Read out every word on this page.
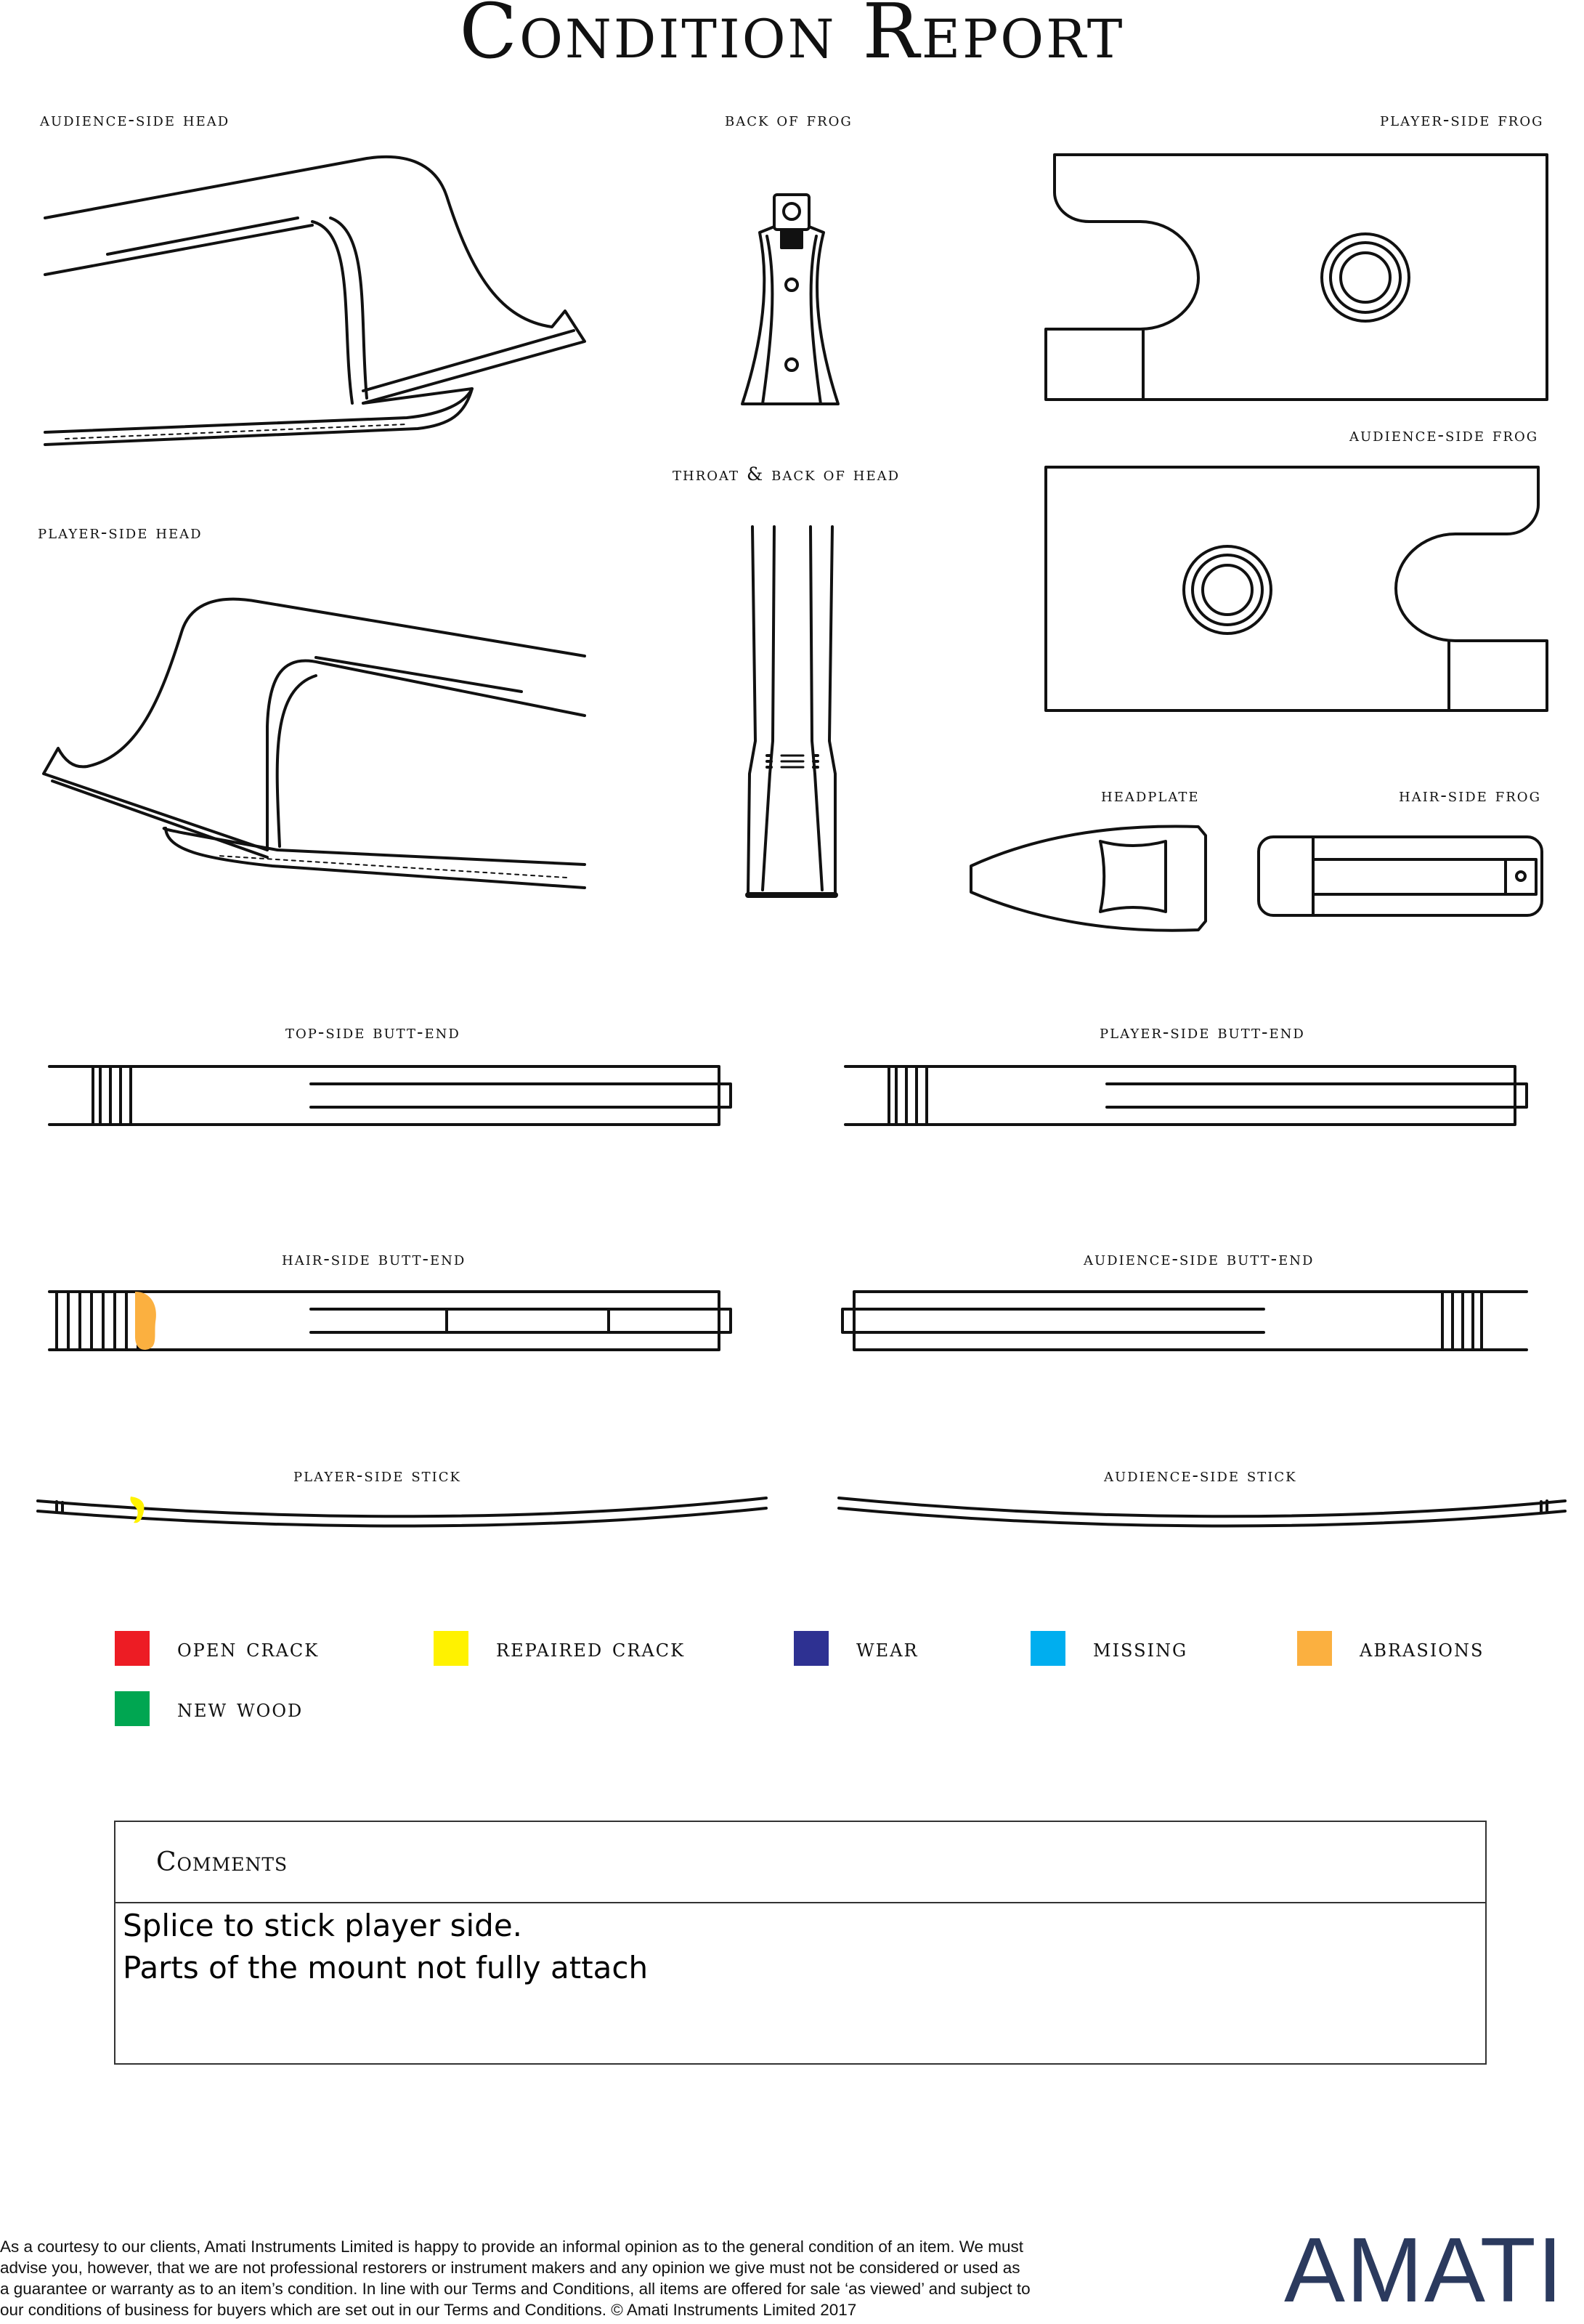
Condition Report
audience-side head	back of frog	player-side frog
audience-side frog
throat & back of head
player-side head
headplate	hair-side frog
top-side butt-end	player-side butt-end
hair-side butt-end	audience-side butt-end
player-side stick	audience-side stick
open crack	repaired crack	wear	missing	abrasions
new wood
Comments
Splice to stick player side.
Parts of the mount not fully attach
As a courtesy to our clients, Amati Instruments Limited is happy to provide an informal opinion as to the general condition of an item. We must
advise you, however, that we are not professional restorers or instrument makers and any opinion we give must not be considered or used as
a guarantee or warranty as to an item’s condition. In line with our Terms and Conditions, all items are offered for sale ‘as viewed’ and subject to
our conditions of business for buyers which are set out in our Terms and Conditions. © Amati Instruments Limited 2017	AMATI
